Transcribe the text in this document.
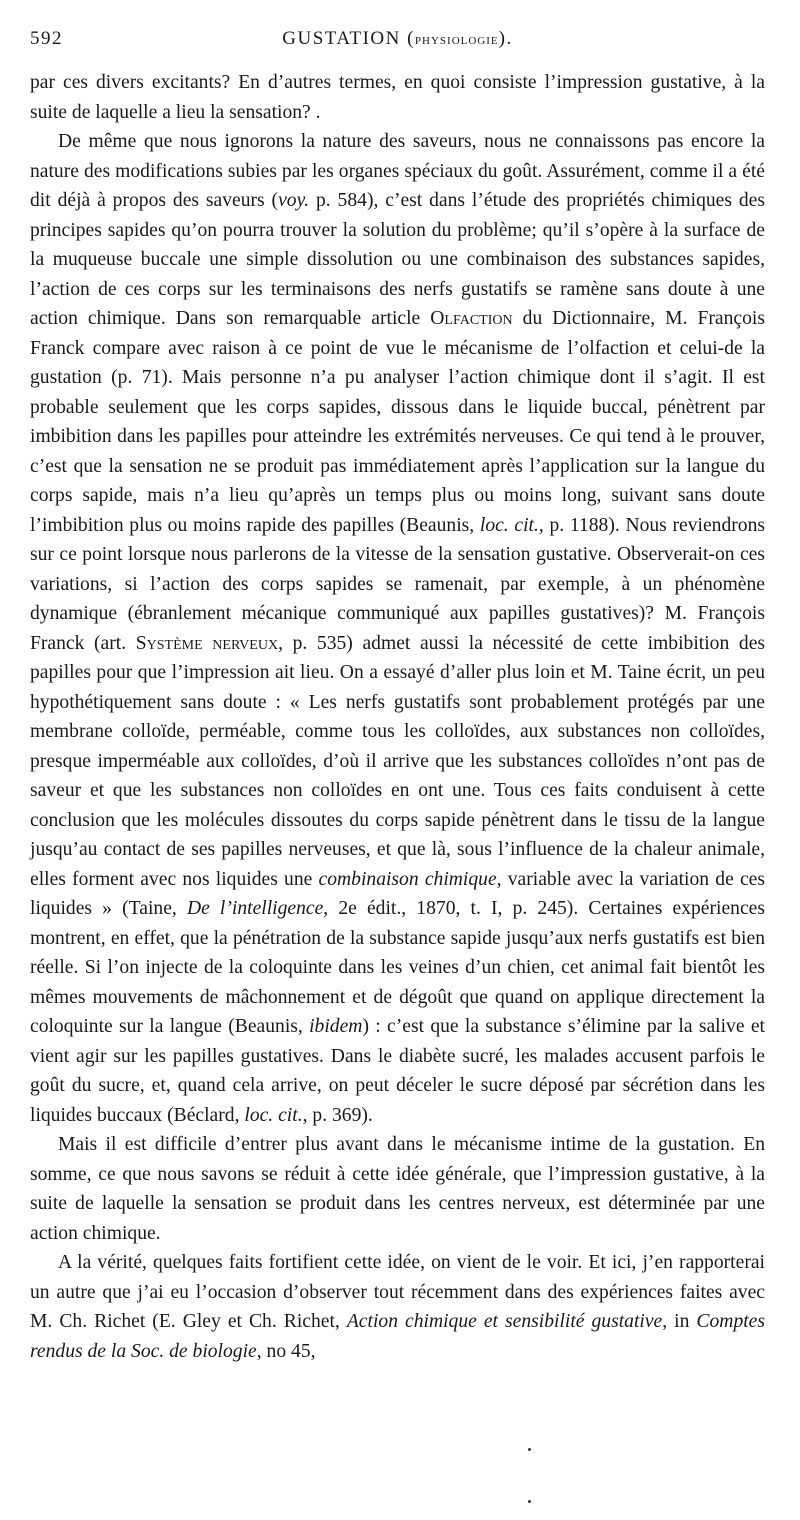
592	GUSTATION (physiologie).

par ces divers excitants? En d’autres termes, en quoi consiste l’impression gustative, à la suite de laquelle a lieu la sensation? .

De même que nous ignorons la nature des saveurs, nous ne connaissons pas encore la nature des modifications subies par les organes spéciaux du goût. Assurément, comme il a été dit déjà à propos des saveurs (voy. p. 584), c’est dans l’étude des propriétés chimiques des principes sapides qu’on pourra trouver la solution du problème; qu’il s’opère à la surface de la muqueuse buccale une simple dissolution ou une combinaison des substances sapides, l’action de ces corps sur les terminaisons des nerfs gustatifs se ramène sans doute à une action chimique. Dans son remarquable article Olfaction du Dictionnaire, M. François Franck compare avec raison à ce point de vue le mécanisme de l’olfaction et celui-de la gustation (p. 71). Mais personne n’a pu analyser l’action chimique dont il s’agit. Il est probable seulement que les corps sapides, dissous dans le liquide buccal, pénètrent par imbibition dans les papilles pour atteindre les extrémités nerveuses. Ce qui tend à le prouver, c’est que la sensation ne se produit pas immédiatement après l’application sur la langue du corps sapide, mais n’a lieu qu’après un temps plus ou moins long, suivant sans doute l’imbibition plus ou moins rapide des papilles (Beaunis, loc. cit., p. 1188). Nous reviendrons sur ce point lorsque nous parlerons de la vitesse de la sensation gustative. Observerait-on ces variations, si l’action des corps sapides se ramenait, par exemple, à un phénomène dynamique (ébranlement mécanique communiqué aux papilles gustatives)? M. François Franck (art. Système nerveux, p. 535) admet aussi la nécessité de cette imbibition des papilles pour que l’impression ait lieu. On a essayé d’aller plus loin et M. Taine écrit, un peu hypothétiquement sans doute : « Les nerfs gustatifs sont probablement protégés par une membrane colloïde, perméable, comme tous les colloïdes, aux substances non colloïdes, presque imperméable aux colloïdes, d’où il arrive que les substances colloïdes n’ont pas de saveur et que les substances non colloïdes en ont une. Tous ces faits conduisent à cette conclusion que les molécules dissoutes du corps sapide pénètrent dans le tissu de la langue jusqu’au contact de ses papilles nerveuses, et que là, sous l’influence de la chaleur animale, elles forment avec nos liquides une combinaison chimique, variable avec la variation de ces liquides » (Taine, De l’intelligence, 2e édit., 1870, t. I, p. 245). Certaines expériences montrent, en effet, que la pénétration de la substance sapide jusqu’aux nerfs gustatifs est bien réelle. Si l’on injecte de la coloquinte dans les veines d’un chien, cet animal fait bientôt les mêmes mouvements de mâchonnement et de dégoût que quand on applique directement la coloquinte sur la langue (Beaunis, ibidem) : c’est que la substance s’élimine par la salive et vient agir sur les papilles gustatives. Dans le diabète sucré, les malades accusent parfois le goût du sucre, et, quand cela arrive, on peut déceler le sucre déposé par sécrétion dans les liquides buccaux (Béclard, loc. cit., p. 369).

Mais il est difficile d’entrer plus avant dans le mécanisme intime de la gustation. En somme, ce que nous savons se réduit à cette idée générale, que l’impression gustative, à la suite de laquelle la sensation se produit dans les centres nerveux, est déterminée par une action chimique.

A la vérité, quelques faits fortifient cette idée, on vient de le voir. Et ici, j’en rapporterai un autre que j’ai eu l’occasion d’observer tout récemment dans des expériences faites avec M. Ch. Richet (E. Gley et Ch. Richet, Action chimique et sensibilité gustative, in Comptes rendus de la Soc. de biologie, no 45,
